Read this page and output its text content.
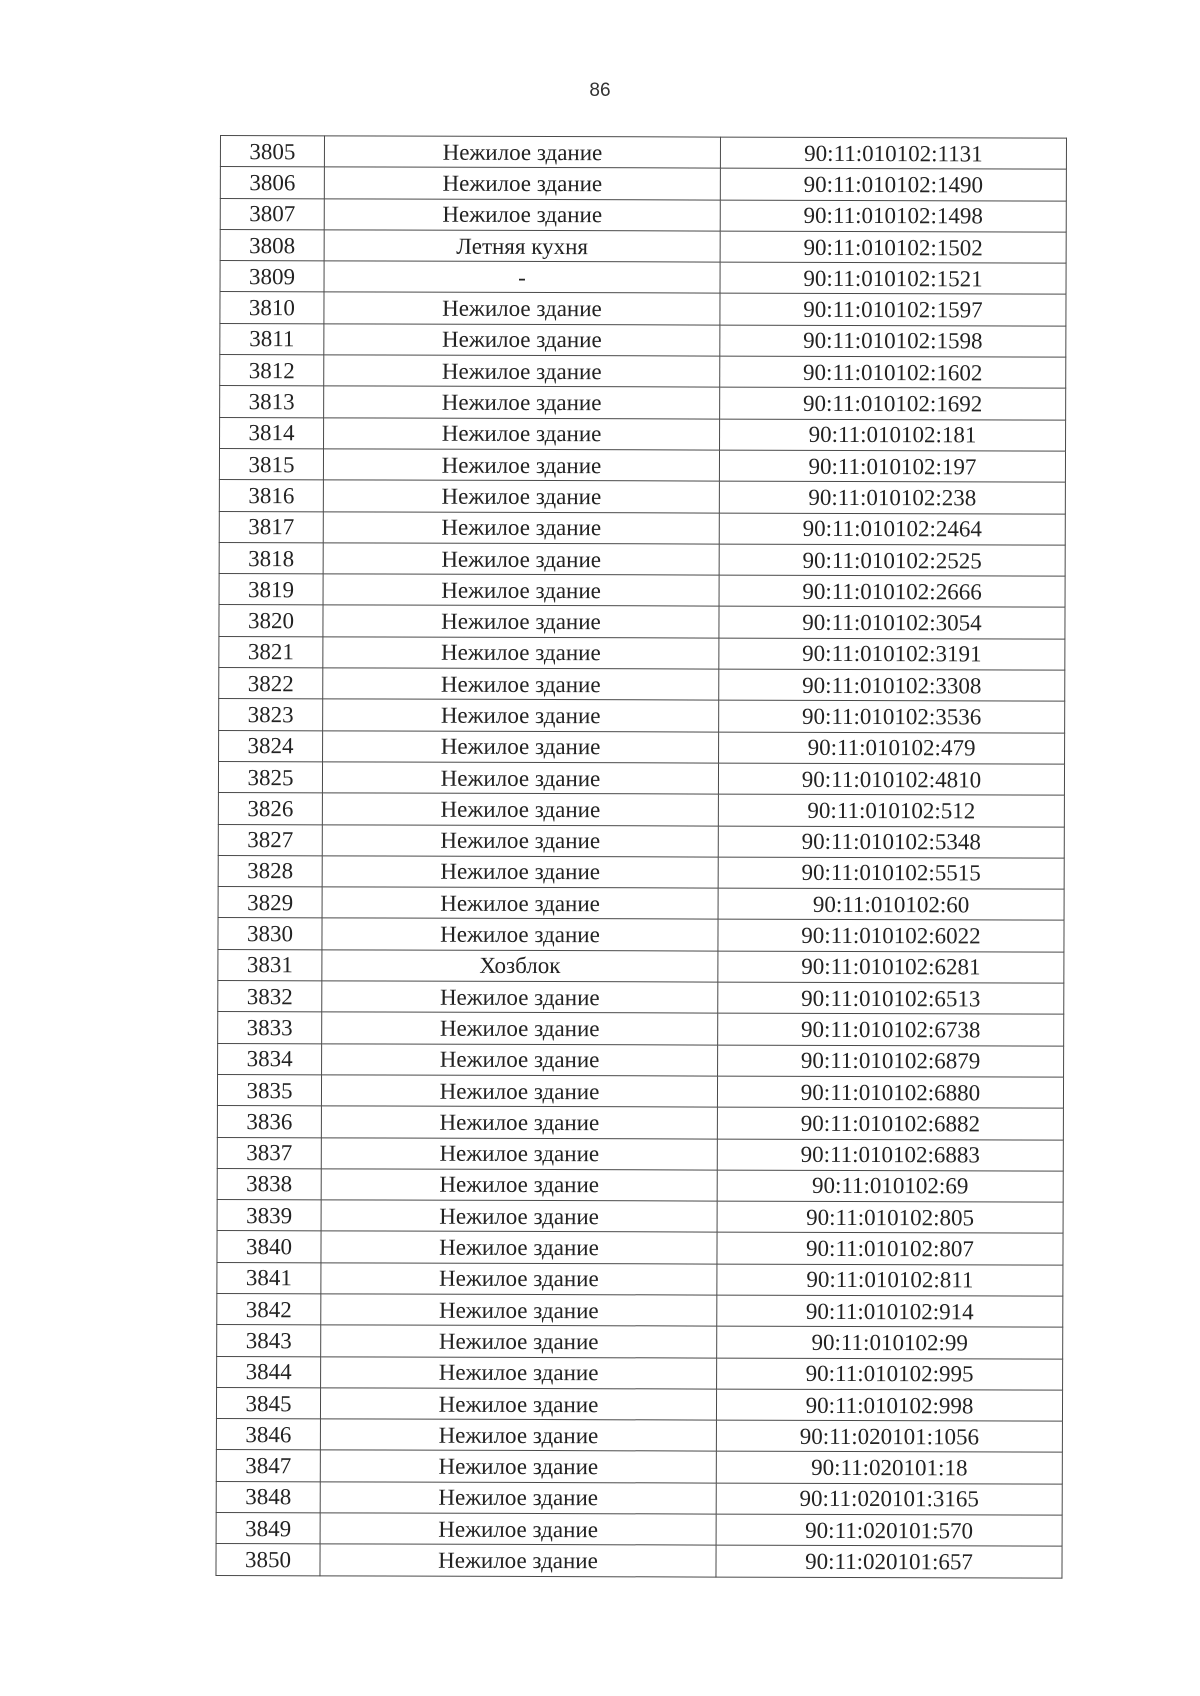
86
3805	Нежилое здание	90:11:010102:1131
3806	Нежилое здание	90:11:010102:1490
3807	Нежилое здание	90:11:010102:1498
3808	Летняя кухня	90:11:010102:1502
3809	-	90:11:010102:1521
3810	Нежилое здание	90:11:010102:1597
3811	Нежилое здание	90:11:010102:1598
3812	Нежилое здание	90:11:010102:1602
3813	Нежилое здание	90:11:010102:1692
3814	Нежилое здание	90:11:010102:181
3815	Нежилое здание	90:11:010102:197
3816	Нежилое здание	90:11:010102:238
3817	Нежилое здание	90:11:010102:2464
3818	Нежилое здание	90:11:010102:2525
3819	Нежилое здание	90:11:010102:2666
3820	Нежилое здание	90:11:010102:3054
3821	Нежилое здание	90:11:010102:3191
3822	Нежилое здание	90:11:010102:3308
3823	Нежилое здание	90:11:010102:3536
3824	Нежилое здание	90:11:010102:479
3825	Нежилое здание	90:11:010102:4810
3826	Нежилое здание	90:11:010102:512
3827	Нежилое здание	90:11:010102:5348
3828	Нежилое здание	90:11:010102:5515
3829	Нежилое здание	90:11:010102:60
3830	Нежилое здание	90:11:010102:6022
3831	Хозблок	90:11:010102:6281
3832	Нежилое здание	90:11:010102:6513
3833	Нежилое здание	90:11:010102:6738
3834	Нежилое здание	90:11:010102:6879
3835	Нежилое здание	90:11:010102:6880
3836	Нежилое здание	90:11:010102:6882
3837	Нежилое здание	90:11:010102:6883
3838	Нежилое здание	90:11:010102:69
3839	Нежилое здание	90:11:010102:805
3840	Нежилое здание	90:11:010102:807
3841	Нежилое здание	90:11:010102:811
3842	Нежилое здание	90:11:010102:914
3843	Нежилое здание	90:11:010102:99
3844	Нежилое здание	90:11:010102:995
3845	Нежилое здание	90:11:010102:998
3846	Нежилое здание	90:11:020101:1056
3847	Нежилое здание	90:11:020101:18
3848	Нежилое здание	90:11:020101:3165
3849	Нежилое здание	90:11:020101:570
3850	Нежилое здание	90:11:020101:657
